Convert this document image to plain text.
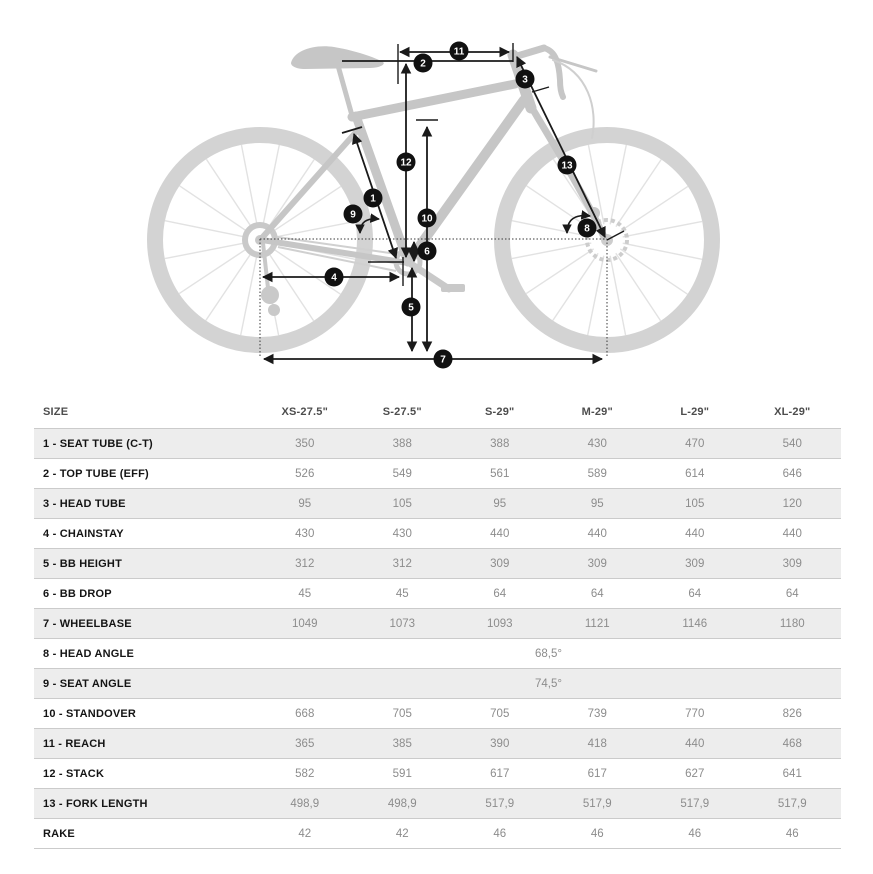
1
2
3
4
5
6
7
8
9	10
11
12	13
SIZE	XS-27.5"	S-27.5"	S-29"	M-29"	L-29"	XL-29"
1 - SEAT TUBE (C-T)	350	388	388	430	470	540
2 - TOP TUBE (EFF)	526	549	561	589	614	646
3 - HEAD TUBE	95	105	95	95	105	120
4 - CHAINSTAY	430	430	440	440	440	440
5 - BB HEIGHT	312	312	309	309	309	309
6 - BB DROP	45	45	64	64	64	64
7 - WHEELBASE	1049	1073	1093	1121	1146	1180
8 - HEAD ANGLE	68,5°					
9 - SEAT ANGLE	74,5°					
10 - STANDOVER	668	705	705	739	770	826
11 - REACH	365	385	390	418	440	468
12 - STACK	582	591	617	617	627	641
13 - FORK LENGTH	498,9	498,9	517,9	517,9	517,9	517,9
RAKE	42	42	46	46	46	46
